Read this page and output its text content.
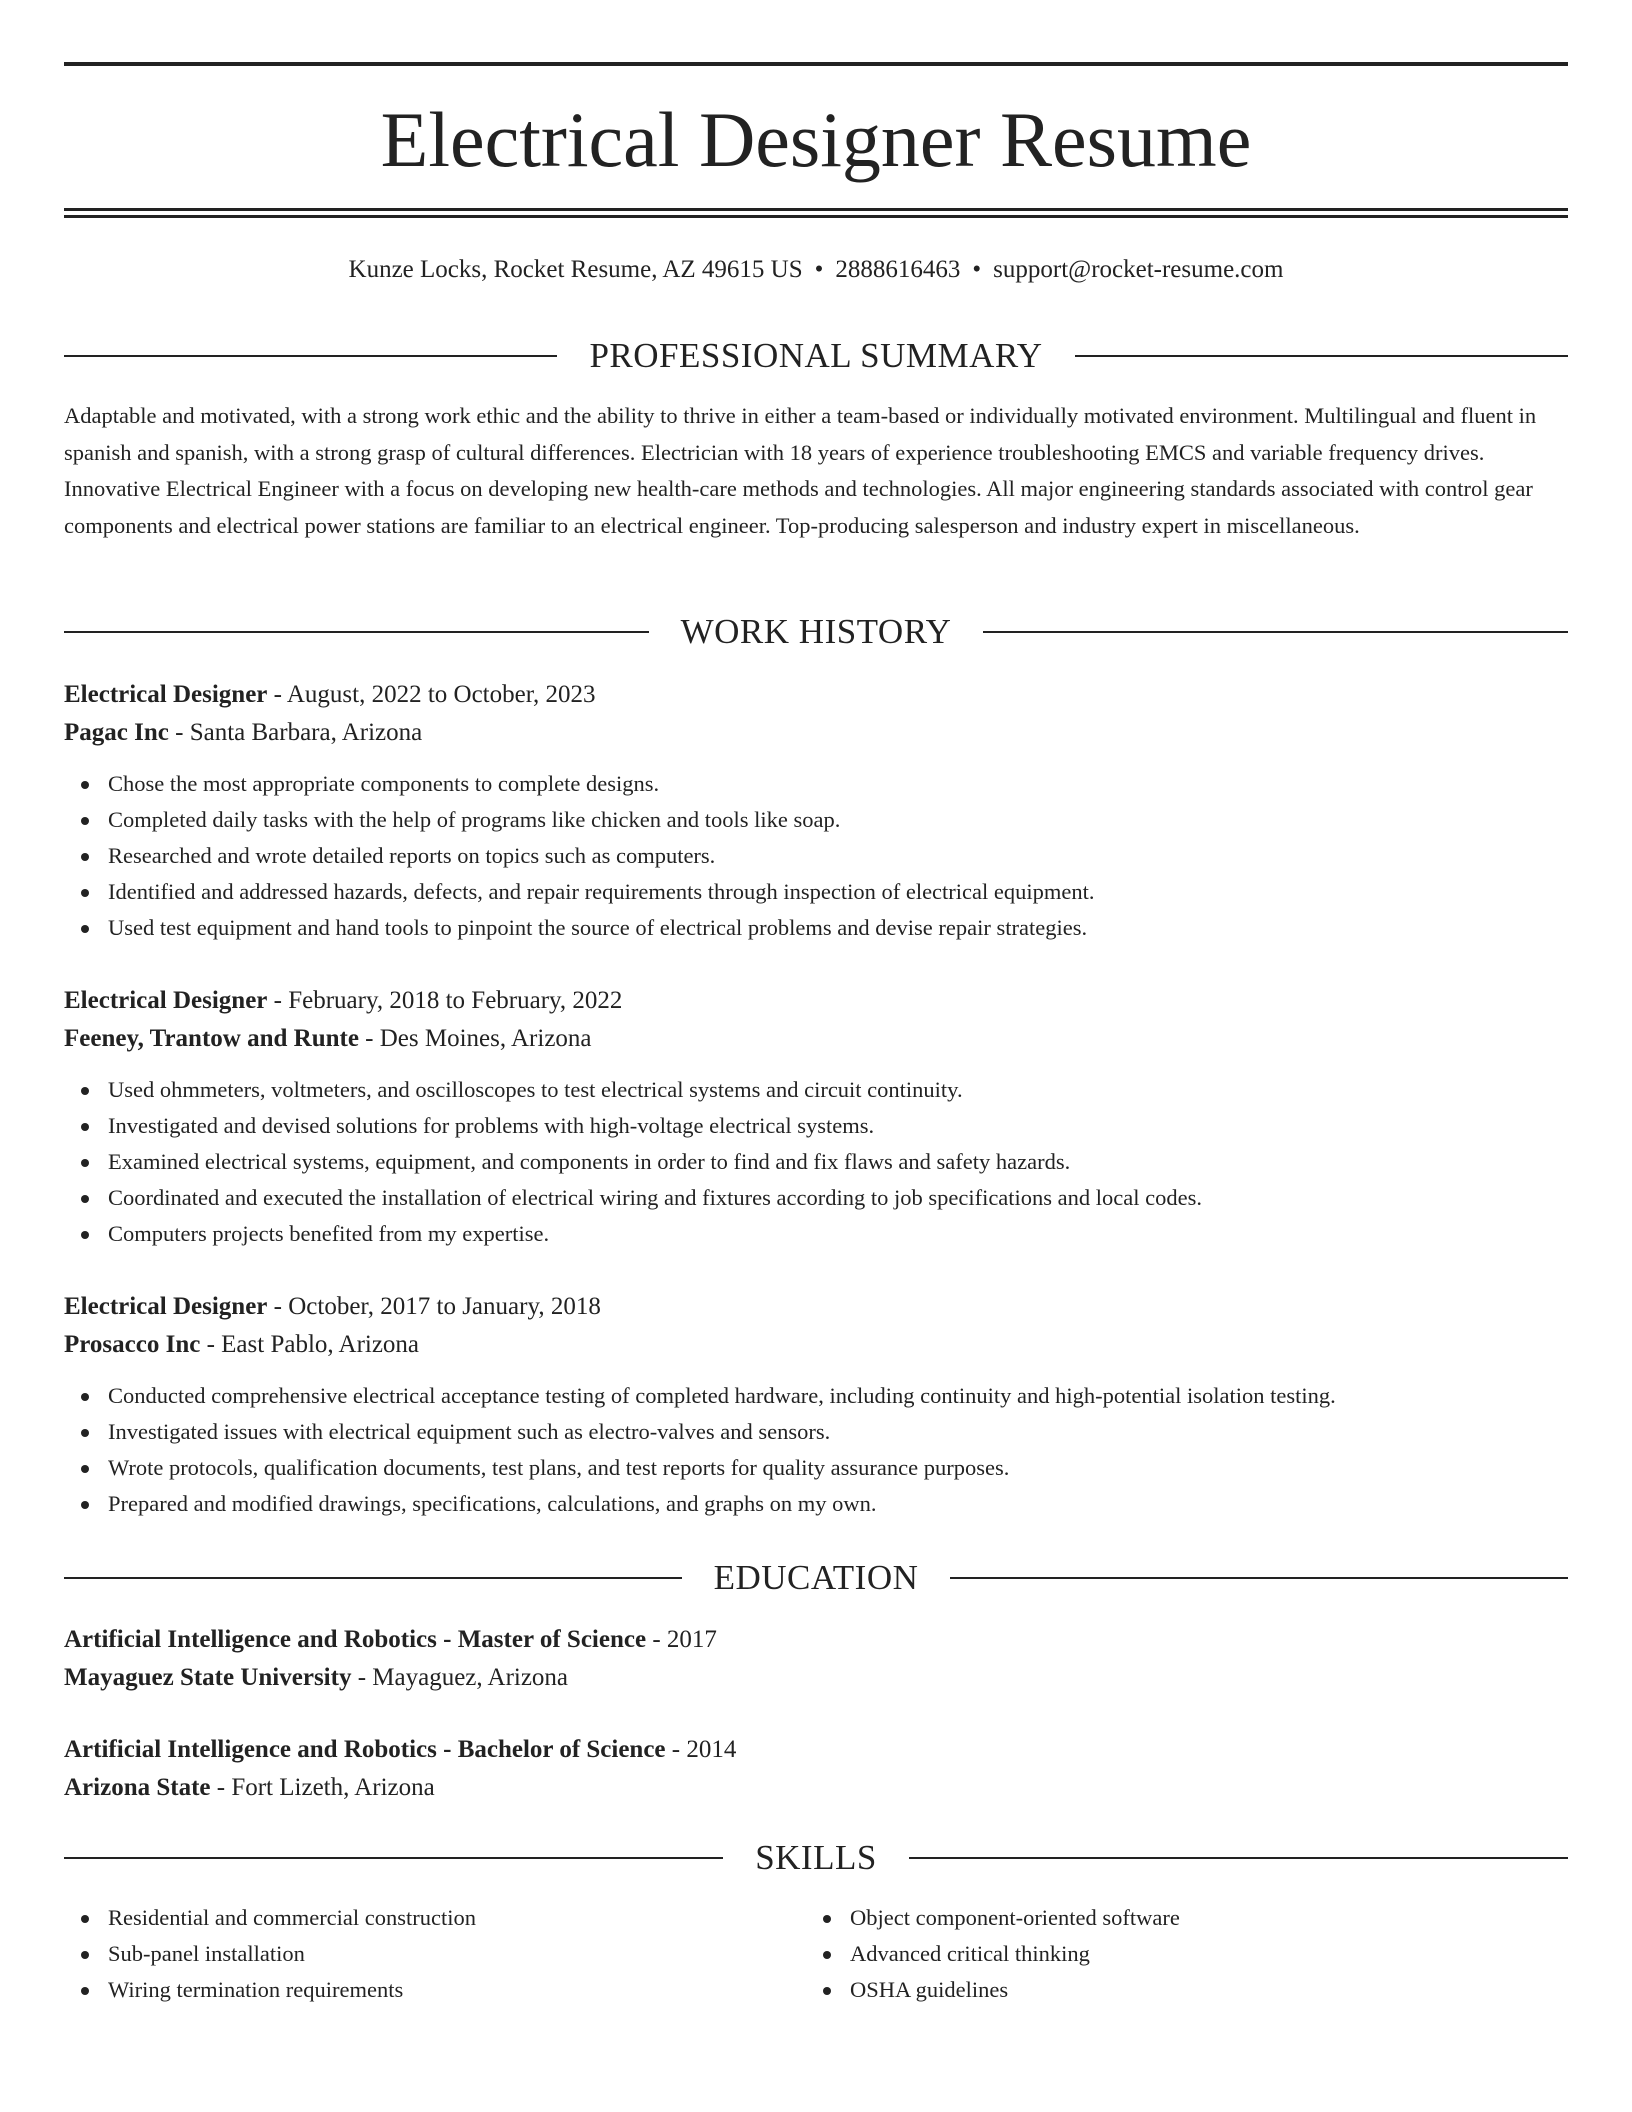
Electrical Designer Resume
Kunze Locks, Rocket Resume, AZ 49615 US • 2888616463 • support@rocket-resume.com
PROFESSIONAL SUMMARY

Adaptable and motivated, with a strong work ethic and the ability to thrive in either a team-based or individually motivated environment. Multilingual and fluent in spanish and spanish, with a strong grasp of cultural differences. Electrician with 18 years of experience troubleshooting EMCS and variable frequency drives. Innovative Electrical Engineer with a focus on developing new health-care methods and technologies. All major engineering standards associated with control gear components and electrical power stations are familiar to an electrical engineer. Top-producing salesperson and industry expert in miscellaneous.

WORK HISTORY
Electrical Designer - August, 2022 to October, 2023
Pagac Inc - Santa Barbara, Arizona
Chose the most appropriate components to complete designs.
Completed daily tasks with the help of programs like chicken and tools like soap.
Researched and wrote detailed reports on topics such as computers.
Identified and addressed hazards, defects, and repair requirements through inspection of electrical equipment.
Used test equipment and hand tools to pinpoint the source of electrical problems and devise repair strategies.
Electrical Designer - February, 2018 to February, 2022
Feeney, Trantow and Runte - Des Moines, Arizona
Used ohmmeters, voltmeters, and oscilloscopes to test electrical systems and circuit continuity.
Investigated and devised solutions for problems with high-voltage electrical systems.
Examined electrical systems, equipment, and components in order to find and fix flaws and safety hazards.
Coordinated and executed the installation of electrical wiring and fixtures according to job specifications and local codes.
Computers projects benefited from my expertise.
Electrical Designer - October, 2017 to January, 2018
Prosacco Inc - East Pablo, Arizona
Conducted comprehensive electrical acceptance testing of completed hardware, including continuity and high-potential isolation testing.
Investigated issues with electrical equipment such as electro-valves and sensors.
Wrote protocols, qualification documents, test plans, and test reports for quality assurance purposes.
Prepared and modified drawings, specifications, calculations, and graphs on my own.
EDUCATION
Artificial Intelligence and Robotics - Master of Science - 2017
Mayaguez State University - Mayaguez, Arizona
Artificial Intelligence and Robotics - Bachelor of Science - 2014
Arizona State - Fort Lizeth, Arizona
SKILLS
Residential and commercial construction
Sub-panel installation
Wiring termination requirements
Object component-oriented software
Advanced critical thinking
OSHA guidelines
